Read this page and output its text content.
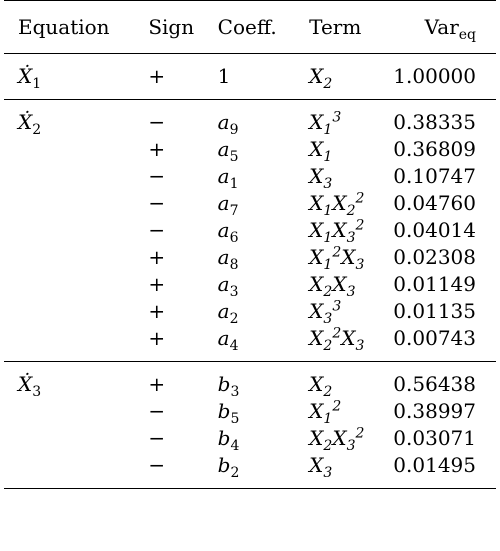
Equation	Sign	Coeff.	Term	Var$_{eq}$
Ẋ$_1$	+	1	$X_2$	1.00000
Ẋ$_2$	−	$a_9$	$X_1^3$	0.38335
	+	$a_5$	$X_1$	0.36809
	−	$a_1$	$X_3$	0.10747
	−	$a_7$	$X_1X_2^2$	0.04760
	−	$a_6$	$X_1X_3^2$	0.04014
	+	$a_8$	$X_1^2X_3$	0.02308
	+	$a_3$	$X_2X_3$	0.01149
	+	$a_2$	$X_3^3$	0.01135
	+	$a_4$	$X_2^2X_3$	0.00743
Ẋ$_3$	+	$b_3$	$X_2$	0.56438
	−	$b_5$	$X_1^2$	0.38997
	−	$b_4$	$X_2X_3^2$	0.03071
	−	$b_2$	$X_3$	0.01495
